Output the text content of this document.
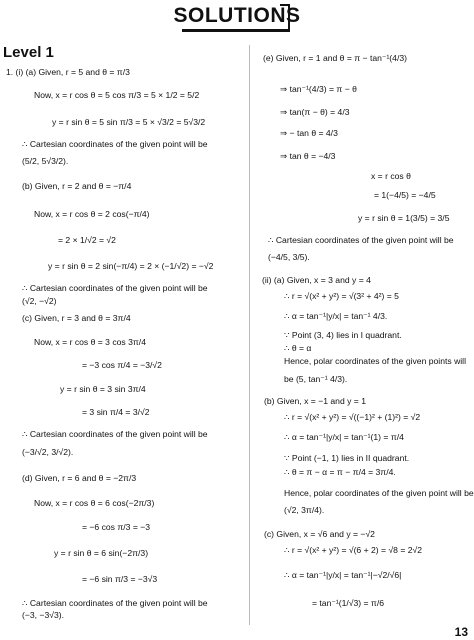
SOLUTIONS
Level 1
1. (i) (a) Given, r = 5 and θ = π/3
Now, x = r cos θ = 5 cos π/3 = 5 × 1/2 = 5/2
y = r sin θ = 5 sin π/3 = 5 × √3/2 = 5√3/2
∴ Cartesian coordinates of the given point will be
(5/2, 5√3/2).
(b) Given, r = 2 and θ = −π/4
Now, x = r cos θ = 2 cos(−π/4)
= 2 × 1/√2 = √2
y = r sin θ = 2 sin(−π/4) = 2 × (−1/√2) = −√2
∴ Cartesian coordinates of the given point will be
(√2, −√2)
(c) Given, r = 3 and θ = 3π/4
Now, x = r cos θ = 3 cos 3π/4
= −3 cos π/4 = −3/√2
y = r sin θ = 3 sin 3π/4
= 3 sin π/4 = 3/√2
∴ Cartesian coordinates of the given point will be
(−3/√2, 3/√2).
(d) Given, r = 6 and θ = −2π/3
Now, x = r cos θ = 6 cos(−2π/3)
= −6 cos π/3 = −3
y = r sin θ = 6 sin(−2π/3)
= −6 sin π/3 = −3√3
∴ Cartesian coordinates of the given point will be
(−3, −3√3).
(e) Given, r = 1 and θ = π − tan⁻¹(4/3)
⇒ tan⁻¹(4/3) = π − θ
⇒ tan(π − θ) = 4/3
⇒ − tan θ = 4/3
⇒ tan θ = −4/3
x = r cos θ
= 1(−4/5) = −4/5
y = r sin θ = 1(3/5) = 3/5
∴ Cartesian coordinates of the given point will be
(−4/5, 3/5).
(ii) (a) Given, x = 3 and y = 4
∴ r = √(x² + y²) = √(3² + 4²) = 5
∴ α = tan⁻¹|y/x| = tan⁻¹ 4/3.
∵ Point (3, 4) lies in I quadrant.
∴ θ = α
Hence, polar coordinates of the given points will
be (5, tan⁻¹ 4/3).
(b) Given, x = −1 and y = 1
∴ r = √(x² + y²) = √((−1)² + (1)²) = √2
∴ α = tan⁻¹|y/x| = tan⁻¹(1) = π/4
∵ Point (−1, 1) lies in II quadrant.
∴ θ = π − α = π − π/4 = 3π/4.
Hence, polar coordinates of the given point will be
(√2, 3π/4).
(c) Given, x = √6 and y = −√2
∴ r = √(x² + y²) = √(6 + 2) = √8 = 2√2
∴ α = tan⁻¹|y/x| = tan⁻¹|−√2/√6|
= tan⁻¹(1/√3) = π/6
13
